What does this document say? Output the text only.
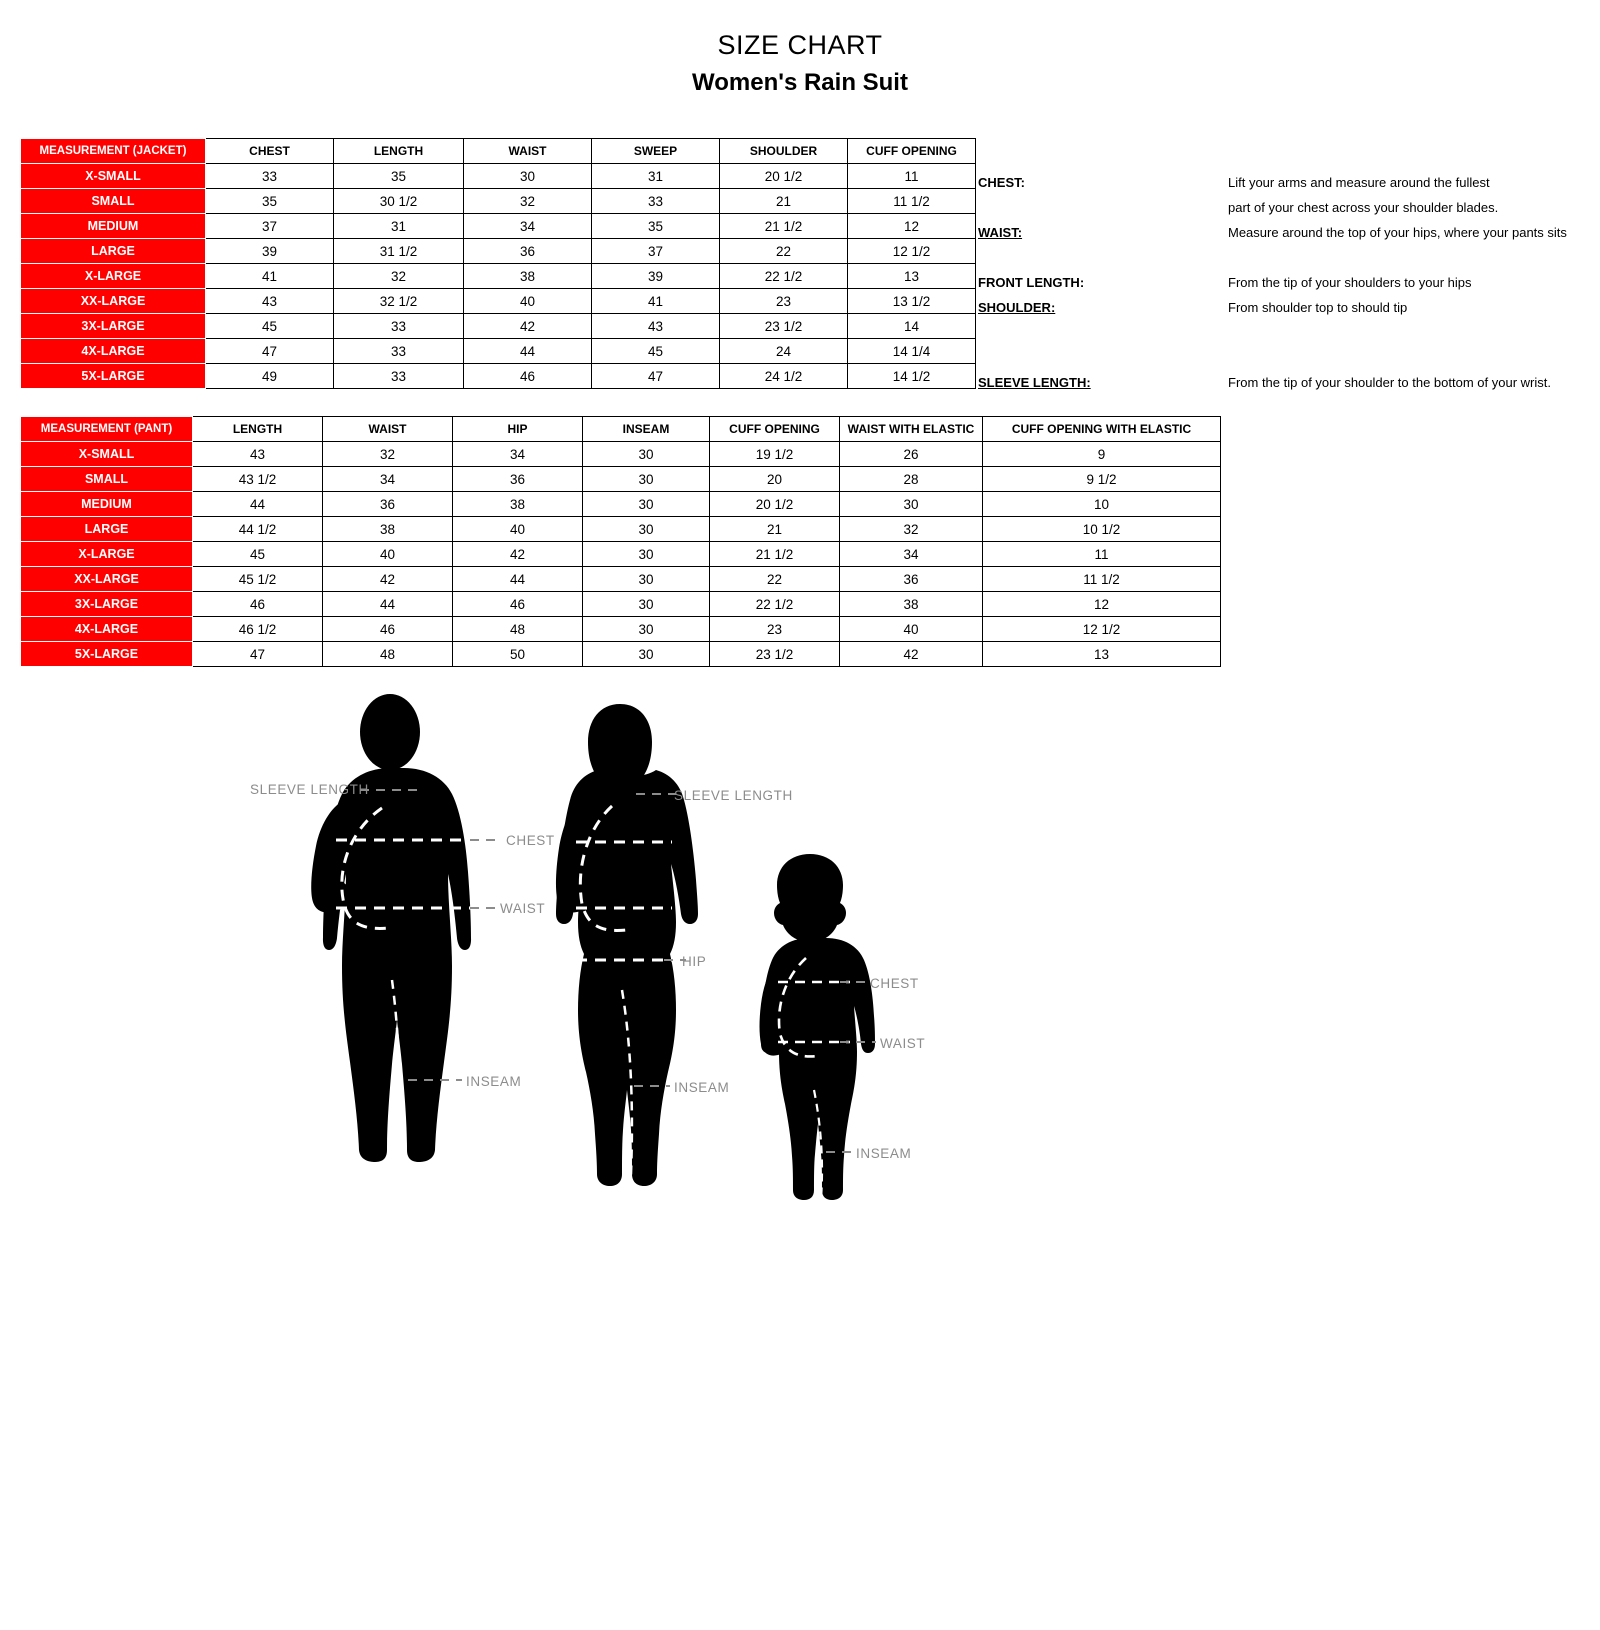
SIZE CHART
Women's Rain Suit
MEASUREMENT (JACKET)	CHEST	LENGTH	WAIST	SWEEP	SHOULDER	CUFF OPENING
X-SMALL	33	35	30	31	20 1/2	11
SMALL	35	30 1/2	32	33	21	11 1/2
MEDIUM	37	31	34	35	21 1/2	12
LARGE	39	31 1/2	36	37	22	12 1/2
X-LARGE	41	32	38	39	22 1/2	13
XX-LARGE	43	32 1/2	40	41	23	13 1/2
3X-LARGE	45	33	42	43	23 1/2	14
4X-LARGE	47	33	44	45	24	14 1/4
5X-LARGE	49	33	46	47	24 1/2	14 1/2
MEASUREMENT (PANT)	LENGTH	WAIST	HIP	INSEAM	CUFF OPENING	WAIST WITH ELASTIC	CUFF OPENING WITH ELASTIC
X-SMALL	43	32	34	30	19 1/2	26	9
SMALL	43 1/2	34	36	30	20	28	9 1/2
MEDIUM	44	36	38	30	20 1/2	30	10
LARGE	44 1/2	38	40	30	21	32	10 1/2
X-LARGE	45	40	42	30	21 1/2	34	11
XX-LARGE	45 1/2	42	44	30	22	36	11 1/2
3X-LARGE	46	44	46	30	22 1/2	38	12
4X-LARGE	46 1/2	46	48	30	23	40	12 1/2
5X-LARGE	47	48	50	30	23 1/2	42	13
CHEST:	Lift your arms and measure around the fullest
part of your chest across your shoulder blades.
WAIST:	Measure around the top of your hips, where your pants sits

FRONT LENGTH:	From the tip of your shoulders to your hips
SHOULDER:	From shoulder top to should tip

SLEEVE LENGTH:	From the tip of your shoulder to the bottom of your wrist.
SLEEVE LENGTH
CHEST
WAIST
INSEAM
SLEEVE LENGTH
HIP
INSEAM
CHEST
WAIST
INSEAM
